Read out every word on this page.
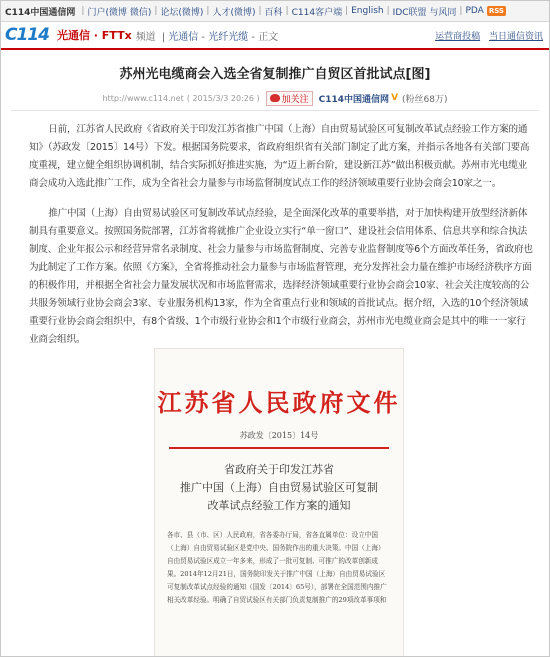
C114中国通信网 | 门户(微博 微信) | 论坛(微博) | 人才(微博) | 百科 | C114客户端 | English | IDC联盟 与风同 | PDA RSS
C114 光通信 · FTTx 频道 | 光通信 - 光纤光缆 - 正文	运营商投稿 当日通信资讯
苏州光电缆商会入选全省复制推广自贸区首批试点[图]
http://www.c114.net ( 2015/3/3 20:26 )	加关注	C114中国通信网 V (粉丝68万)

日前，江苏省人民政府《省政府关于印发江苏省推广中国（上海）自由贸易试验区可复制改革试点经验工作方案的通知》（苏政发〔2015〕14号）下发。根据国务院要求，省政府组织省有关部门制定了此方案，并指示各地各有关部门要高度重视，建立健全组织协调机制，结合实际抓好推进实施，为“迈上新台阶，建设新江苏”做出积极贡献。苏州市光电缆业商会成功入选此推广工作，成为全省社会力量参与市场监督制度试点工作的经济领域重要行业协会商会10家之一。

推广中国（上海）自由贸易试验区可复制改革试点经验，是全面深化改革的重要举措，对于加快构建开放型经济新体制具有重要意义。按照国务院部署，江苏省将就推广企业设立实行“单一窗口”、建设社会信用体系、信息共享和综合执法制度、企业年报公示和经营异常名录制度、社会力量参与市场监督制度、完善专业监督制度等6个方面改革任务，省政府也为此制定了工作方案。依照《方案》，全省将推动社会力量参与市场监督管理，充分发挥社会力量在维护市场经济秩序方面的积极作用，并根据全省社会力量发展状况和市场监督需求，选择经济领域重要行业协会商会10家、社会关注度较高的公共服务领域行业协会商会3家、专业服务机构13家，作为全省重点行业和领域的首批试点。据介绍，入选的10个经济领域重要行业协会商会组织中，有8个省级、1个市级行业协会和1个市级行业商会，苏州市光电缆业商会是其中的唯一一家行业商会组织。

江苏省人民政府文件
苏政发〔2015〕14号
省政府关于印发江苏省
推广中国（上海）自由贸易试验区可复制
改革试点经验工作方案的通知
各市、县（市、区）人民政府，省各委办厅局，省各直属单位：设立中国（上海）自由贸易试验区是党中央、国务院作出的重大决策。中国（上海）自由贸易试验区成立一年多来，形成了一批可复制、可推广的改革创新成果。2014年12月21日，国务院印发关于推广中国（上海）自由贸易试验区可复制改革试点经验的通知（国发〔2014〕65号），部署在全国范围内推广相关改革经验。明确了自贸试验区有关部门负责复制推广的29项改革事项和
